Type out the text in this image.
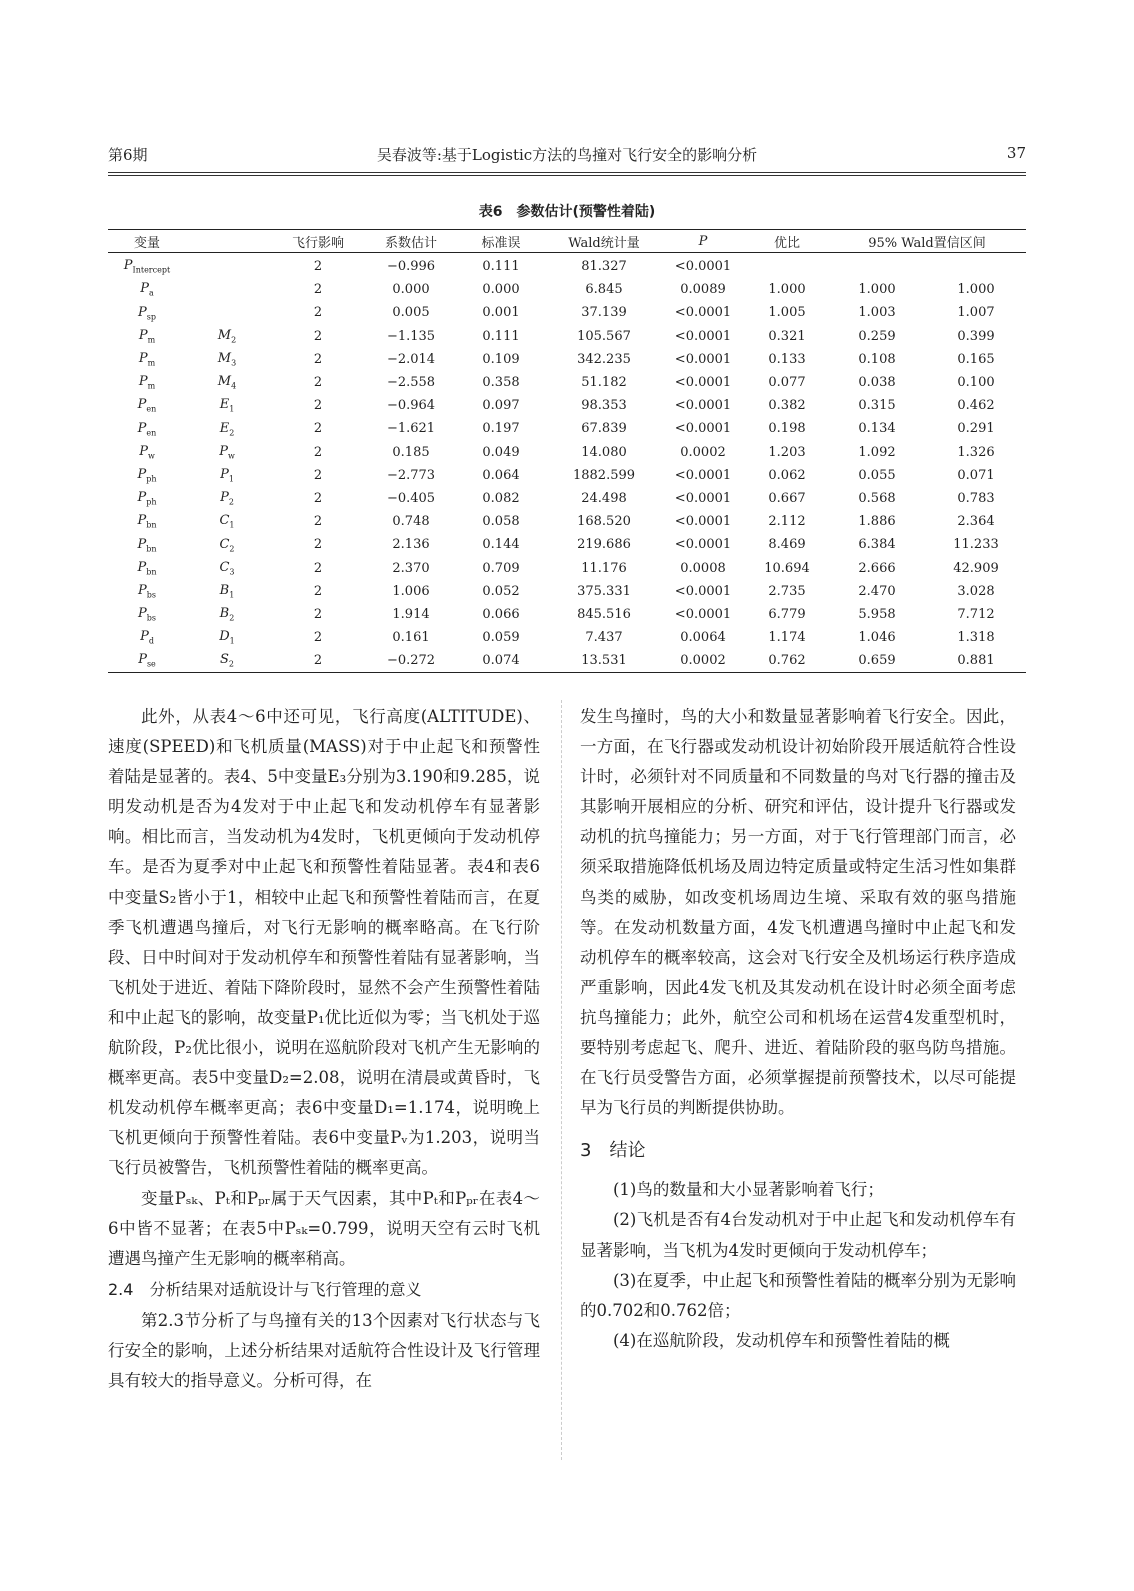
第6期	吴春波等:基于Logistic方法的鸟撞对飞行安全的影响分析	37
表6　参数估计(预警性着陆)
变量		飞行影响	系数估计	标准误	Wald统计量	P	优比	95% Wald置信区间	
$P_{Intercept}$		2	−0.996	0.111	81.327	<0.0001			
$P_a$		2	0.000	0.000	6.845	0.0089	1.000	1.000	1.000
$P_{sp}$		2	0.005	0.001	37.139	<0.0001	1.005	1.003	1.007
$P_m$	$M_2$	2	−1.135	0.111	105.567	<0.0001	0.321	0.259	0.399
$P_m$	$M_3$	2	−2.014	0.109	342.235	<0.0001	0.133	0.108	0.165
$P_m$	$M_4$	2	−2.558	0.358	51.182	<0.0001	0.077	0.038	0.100
$P_{en}$	$E_1$	2	−0.964	0.097	98.353	<0.0001	0.382	0.315	0.462
$P_{en}$	$E_2$	2	−1.621	0.197	67.839	<0.0001	0.198	0.134	0.291
$P_w$	$P_w$	2	0.185	0.049	14.080	0.0002	1.203	1.092	1.326
$P_{ph}$	$P_1$	2	−2.773	0.064	1882.599	<0.0001	0.062	0.055	0.071
$P_{ph}$	$P_2$	2	−0.405	0.082	24.498	<0.0001	0.667	0.568	0.783
$P_{bn}$	$C_1$	2	0.748	0.058	168.520	<0.0001	2.112	1.886	2.364
$P_{bn}$	$C_2$	2	2.136	0.144	219.686	<0.0001	8.469	6.384	11.233
$P_{bn}$	$C_3$	2	2.370	0.709	11.176	0.0008	10.694	2.666	42.909
$P_{bs}$	$B_1$	2	1.006	0.052	375.331	<0.0001	2.735	2.470	3.028
$P_{bs}$	$B_2$	2	1.914	0.066	845.516	<0.0001	6.779	5.958	7.712
$P_d$	$D_1$	2	0.161	0.059	7.437	0.0064	1.174	1.046	1.318
$P_{se}$	$S_2$	2	−0.272	0.074	13.531	0.0002	0.762	0.659	0.881

此外，从表4～6中还可见，飞行高度(ALTITUDE)、速度(SPEED)和飞机质量(MASS)对于中止起飞和预警性着陆是显著的。表4、5中变量E₃分别为3.190和9.285，说明发动机是否为4发对于中止起飞和发动机停车有显著影响。相比而言，当发动机为4发时，飞机更倾向于发动机停车。是否为夏季对中止起飞和预警性着陆显著。表4和表6中变量S₂皆小于1，相较中止起飞和预警性着陆而言，在夏季飞机遭遇鸟撞后，对飞行无影响的概率略高。在飞行阶段、日中时间对于发动机停车和预警性着陆有显著影响，当飞机处于进近、着陆下降阶段时，显然不会产生预警性着陆和中止起飞的影响，故变量P₁优比近似为零；当飞机处于巡航阶段，P₂优比很小，说明在巡航阶段对飞机产生无影响的概率更高。表5中变量D₂=2.08，说明在清晨或黄昏时，飞机发动机停车概率更高；表6中变量D₁=1.174，说明晚上飞机更倾向于预警性着陆。表6中变量Pᵥ为1.203，说明当飞行员被警告，飞机预警性着陆的概率更高。

变量Pₛₖ、Pₜ和Pₚᵣ属于天气因素，其中Pₜ和Pₚᵣ在表4～6中皆不显著；在表5中Pₛₖ=0.799，说明天空有云时飞机遭遇鸟撞产生无影响的概率稍高。

2.4　分析结果对适航设计与飞行管理的意义

第2.3节分析了与鸟撞有关的13个因素对飞行状态与飞行安全的影响，上述分析结果对适航符合性设计及飞行管理具有较大的指导意义。分析可得，在

发生鸟撞时，鸟的大小和数量显著影响着飞行安全。因此，一方面，在飞行器或发动机设计初始阶段开展适航符合性设计时，必须针对不同质量和不同数量的鸟对飞行器的撞击及其影响开展相应的分析、研究和评估，设计提升飞行器或发动机的抗鸟撞能力；另一方面，对于飞行管理部门而言，必须采取措施降低机场及周边特定质量或特定生活习性如集群鸟类的威胁，如改变机场周边生境、采取有效的驱鸟措施等。在发动机数量方面，4发飞机遭遇鸟撞时中止起飞和发动机停车的概率较高，这会对飞行安全及机场运行秩序造成严重影响，因此4发飞机及其发动机在设计时必须全面考虑抗鸟撞能力；此外，航空公司和机场在运营4发重型机时，要特别考虑起飞、爬升、进近、着陆阶段的驱鸟防鸟措施。在飞行员受警告方面，必须掌握提前预警技术，以尽可能提早为飞行员的判断提供协助。

3　结论

(1)鸟的数量和大小显著影响着飞行；

(2)飞机是否有4台发动机对于中止起飞和发动机停车有显著影响，当飞机为4发时更倾向于发动机停车；

(3)在夏季，中止起飞和预警性着陆的概率分别为无影响的0.702和0.762倍；

(4)在巡航阶段，发动机停车和预警性着陆的概
